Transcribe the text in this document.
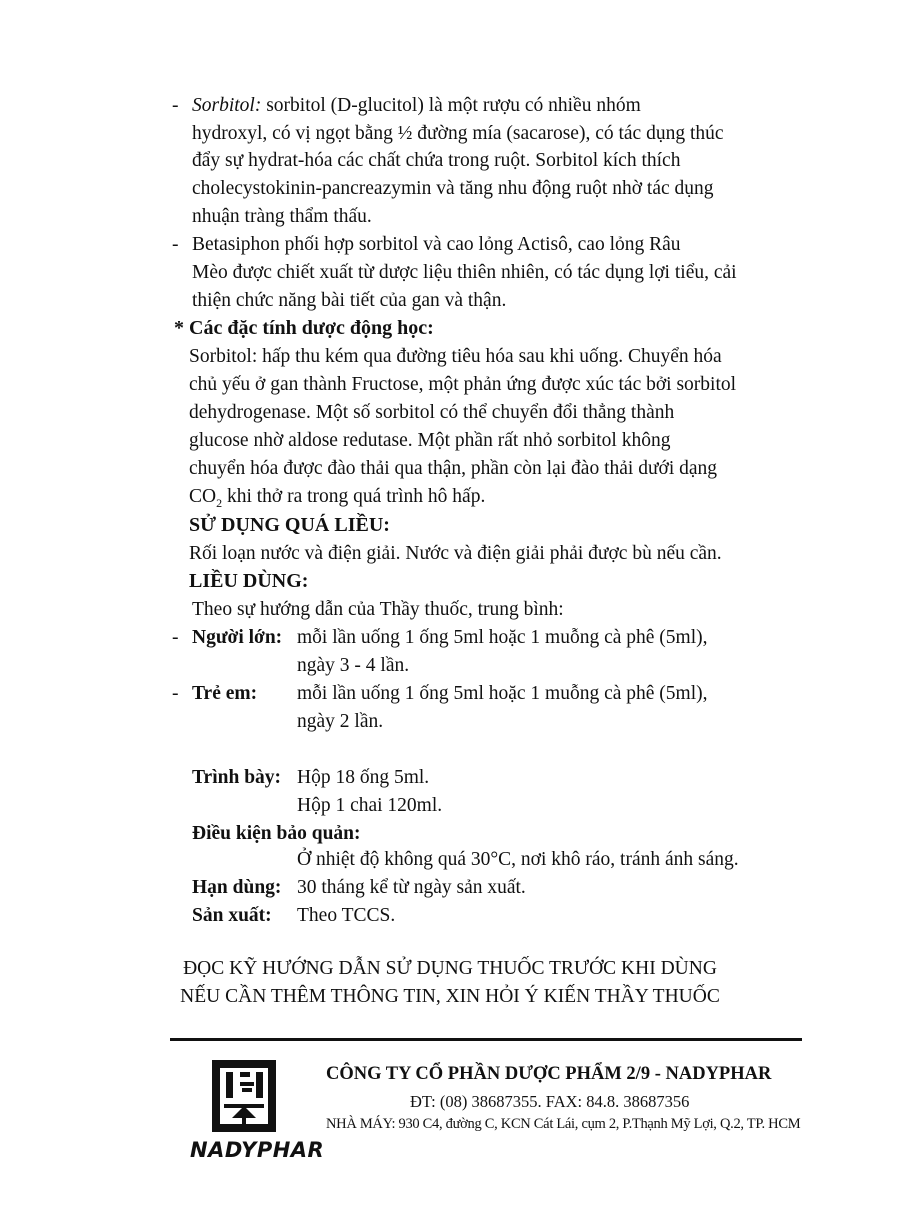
- Sorbitol: sorbitol (D-glucitol) là một rượu có nhiều nhóm
hydroxyl, có vị ngọt bằng ½ đường mía (sacarose), có tác dụng thúc
đẩy sự hydrat-hóa các chất chứa trong ruột. Sorbitol kích thích
cholecystokinin-pancreazymin và tăng nhu động ruột nhờ tác dụng
nhuận tràng thẩm thấu.
- Betasiphon phối hợp sorbitol và cao lỏng Actisô, cao lỏng Râu
Mèo được chiết xuất từ dược liệu thiên nhiên, có tác dụng lợi tiểu, cải
thiện chức năng bài tiết của gan và thận.
* Các đặc tính dược động học:
Sorbitol: hấp thu kém qua đường tiêu hóa sau khi uống. Chuyển hóa
chủ yếu ở gan thành Fructose, một phản ứng được xúc tác bởi sorbitol
dehydrogenase. Một số sorbitol có thể chuyển đổi thẳng thành
glucose nhờ aldose redutase. Một phần rất nhỏ sorbitol không
chuyển hóa được đào thải qua thận, phần còn lại đào thải dưới dạng
$CO_2$ khi thở ra trong quá trình hô hấp.
SỬ DỤNG QUÁ LIỀU:
Rối loạn nước và điện giải. Nước và điện giải phải được bù nếu cần.
LIỀU DÙNG:
Theo sự hướng dẫn của Thầy thuốc, trung bình:
- Người lớn: mỗi lần uống 1 ống 5ml hoặc 1 muỗng cà phê (5ml),
ngày 3 - 4 lần.
- Trẻ em: mỗi lần uống 1 ống 5ml hoặc 1 muỗng cà phê (5ml),
ngày 2 lần.
Trình bày: Hộp 18 ống 5ml.
Hộp 1 chai 120ml.
Điều kiện bảo quản:
Ở nhiệt độ không quá 30°C, nơi khô ráo, tránh ánh sáng.
Hạn dùng: 30 tháng kể từ ngày sản xuất.
Sản xuất: Theo TCCS.
ĐỌC KỸ HƯỚNG DẪN SỬ DỤNG THUỐC TRƯỚC KHI DÙNG
NẾU CẦN THÊM THÔNG TIN, XIN HỎI Ý KIẾN THẦY THUỐC
NADYPHAR
CÔNG TY CỔ PHẦN DƯỢC PHẨM 2/9 - NADYPHAR
ĐT: (08) 38687355. FAX: 84.8. 38687356
NHÀ MÁY: 930 C4, đường C, KCN Cát Lái, cụm 2, P.Thạnh Mỹ Lợi, Q.2, TP. HCM
